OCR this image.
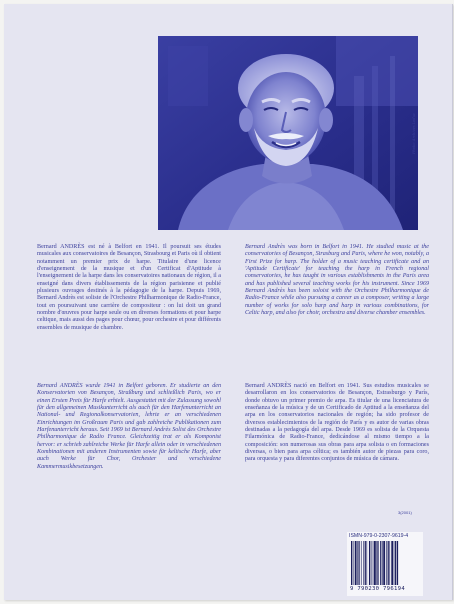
Photo: Archives Leduc

Bernard ANDRÈS est né à Belfort en 1941. Il poursuit ses études musicales aux conservatoires de Besançon, Strasbourg et Paris où il obtient notamment un premier prix de harpe. Titulaire d'une licence d'enseignement de la musique et d'un Certificat d'Aptitude à l'enseignement de la harpe dans les conservatoires nationaux de région, il a enseigné dans divers établissements de la région parisienne et publié plusieurs ouvrages destinés à la pédagogie de la harpe. Depuis 1969, Bernard Andrès est soliste de l'Orchestre Philharmonique de Radio-France, tout en poursuivant une carrière de compositeur : on lui doit un grand nombre d'œuvres pour harpe seule ou en diverses formations et pour harpe celtique, mais aussi des pages pour chœur, pour orchestre et pour différents ensembles de musique de chambre.

Bernard Andrès was born in Belfort in 1941. He studied music at the conservatories of Besançon, Strasburg and Paris, where he won, notably, a First Prize for harp. The holder of a music teaching certificate and an 'Aptitude Certificate' for teaching the harp in French regional conservatories, he has taught in various establishments in the Paris area and has published several teaching works for his instrument. Since 1969 Bernard Andrès has been soloist with the Orchestre Philharmonique de Radio-France while also pursuing a career as a composer, writing a large number of works for solo harp and harp in various combinations, for Celtic harp, and also for choir, orchestra and diverse chamber ensembles.

Bernard ANDRÈS wurde 1941 in Belfort geboren. Er studierte an den Konservatorien von Besançon, Straßburg und schließlich Paris, wo er einen Ersten Preis für Harfe erhielt. Ausgestattet mit der Zulassung sowohl für den allgemeinen Musikunterricht als auch für den Harfenunterricht an National- und Regionalkonservatorien, lehrte er an verschiedenen Einrichtungen im Großraum Paris und gab zahlreiche Publikationen zum Harfenunterricht heraus. Seit 1969 ist Bernard Andrès Solist des Orchestre Philharmonique de Radio France. Gleichzeitig trat er als Komponist hervor: er schrieb zahlreiche Werke für Harfe allein oder in verschiedenen Kombinationen mit anderen Instrumenten sowie für keltische Harfe, aber auch Werke für Chor, Orchester und verschiedene Kammermusikbesetzungen.

Bernard ANDRÈS nació en Belfort en 1941. Sus estudios musicales se desarrollaron en los conservatorios de Besançon, Estrasburgo y París, donde obtuvo un primer premio de arpa. Es titular de una licenciatura de enseñanza de la música y de un Certificado de Aptitud a la enseñanza del arpa en los conservatorios nacionales de región; ha sido profesor de diversos establecimientos de la región de París y es autor de varias obras destinadas a la pedagogía del arpa. Desde 1969 es solista de la Orquesta Filarmónica de Radio-France, dedicándose al mismo tiempo a la composición: son numerosas sus obras para arpa solista o en formaciones diversas, o bien para arpa céltica; es también autor de piezas para coro, para orquesta y para diferentes conjuntos de música de cámara.

3(2001)
ISMN-979-0-2307-9619-4
9 790230 796194
